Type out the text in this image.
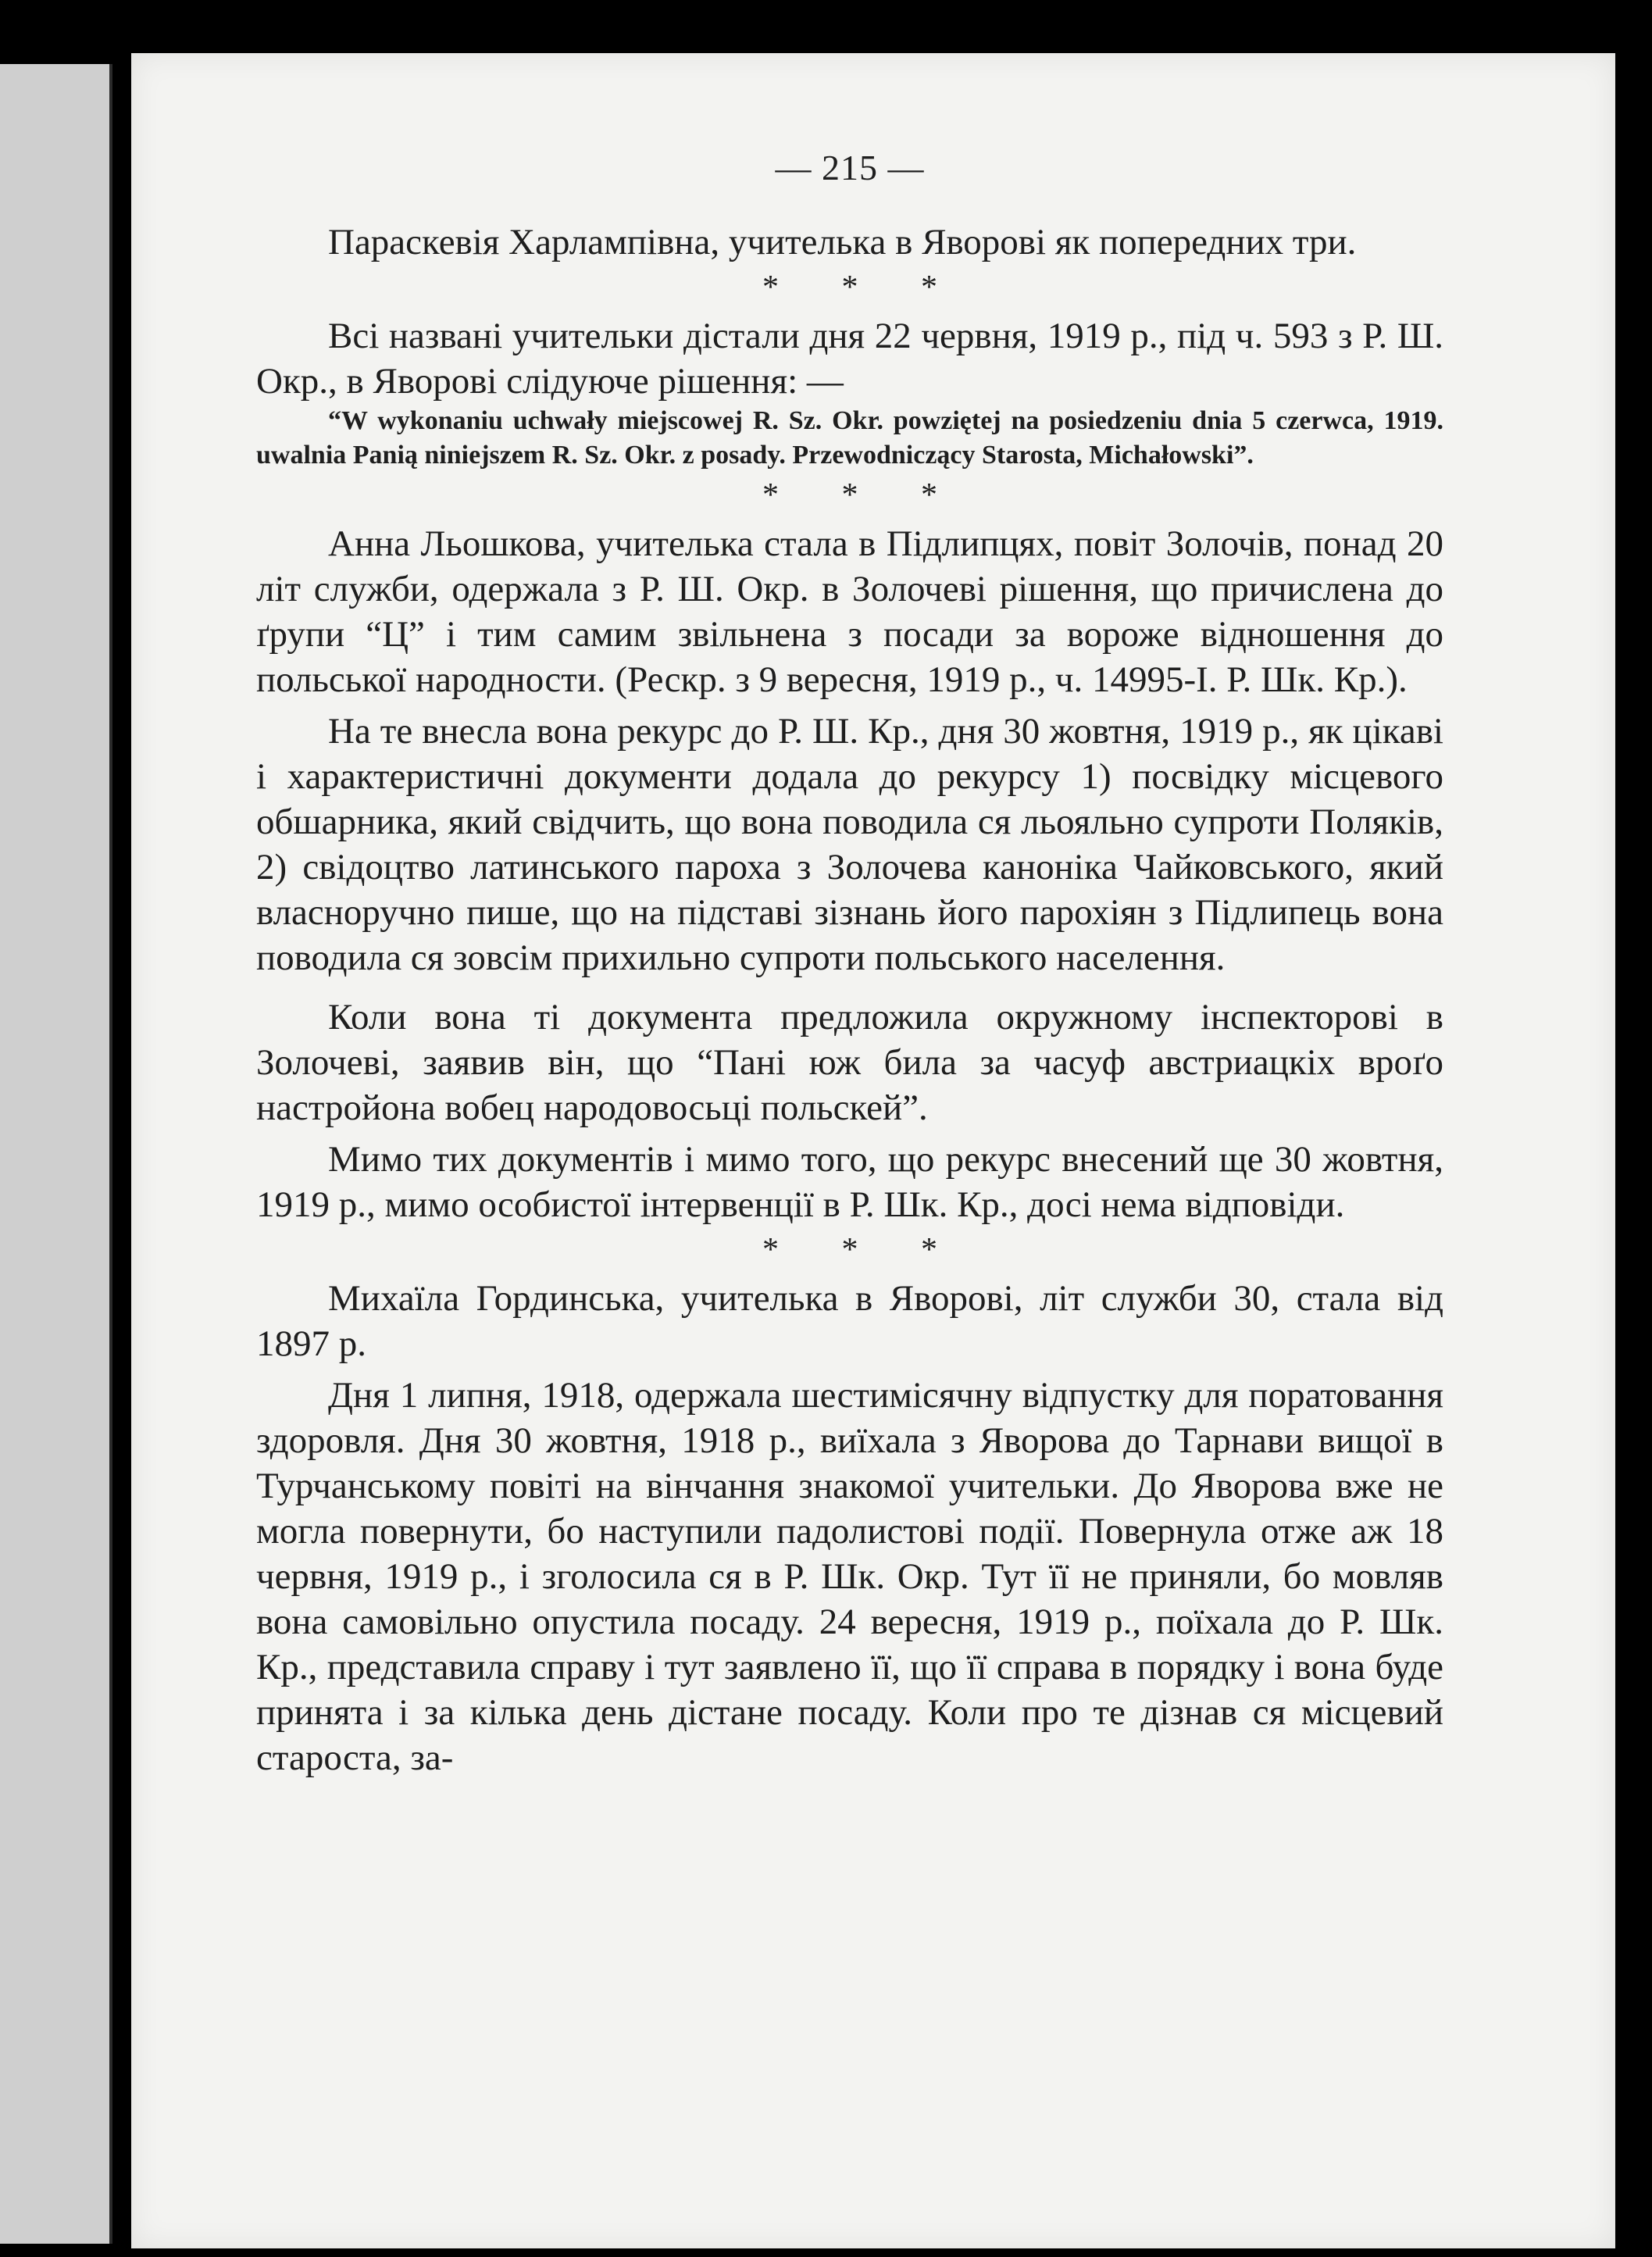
— 215 —

Параскевія Харлампівна, учителька в Яворові як попередних три.

* * *

Всі названі учительки дістали дня 22 червня, 1919 р., під ч. 593 з Р. Ш. Окр., в Яворові слідуюче рішення: —

“W wykonaniu uchwały miejscowej R. Sz. Okr. powziętej na posiedzeniu dnia 5 czerwca, 1919. uwalnia Panią niniejszem R. Sz. Okr. z posady. Przewodniczący Starosta, Michałowski”.

* * *

Анна Льошкова, учителька стала в Підлипцях, повіт Золочів, понад 20 літ служби, одержала з Р. Ш. Окр. в Золочеві рішення, що причислена до ґрупи “Ц” і тим самим звільнена з посади за вороже відношення до польської народности. (Рескр. з 9 вересня, 1919 р., ч. 14995-І. Р. Шк. Кр.).

На те внесла вона рекурс до Р. Ш. Кр., дня 30 жовтня, 1919 р., як цікаві і характеристичні документи додала до рекурсу 1) посвідку місцевого обшарника, який свідчить, що вона поводила ся льояльно супроти Поляків, 2) свідоцтво латинського пароха з Золочева каноніка Чайковського, який власноручно пише, що на підставі зізнань його парохіян з Підлипець вона поводила ся зовсім прихильно супроти польського населення.

Коли вона ті документа предложила окружному інспекторові в Золочеві, заявив він, що “Пані юж била за часуф австриацкіх вроґо настройона вобец народовосьці польскей”.

Мимо тих документів і мимо того, що рекурс внесений ще 30 жовтня, 1919 р., мимо особистої інтервенції в Р. Шк. Кр., досі нема відповіди.

* * *

Михаїла Гординська, учителька в Яворові, літ служби 30, стала від 1897 р.

Дня 1 липня, 1918, одержала шестимісячну відпустку для поратовання здоровля. Дня 30 жовтня, 1918 р., виїхала з Яворова до Тарнави вищої в Турчанському повіті на вінчання знакомої учительки. До Яворова вже не могла повернути, бо наступили падолистові події. Повернула отже аж 18 червня, 1919 р., і зголосила ся в Р. Шк. Окр. Тут її не приняли, бо мовляв вона самовільно опустила посаду. 24 вересня, 1919 р., поїхала до Р. Шк. Кр., представила справу і тут заявлено її, що її справа в порядку і вона буде принята і за кілька день дістане посаду. Коли про те дізнав ся місцевий староста, за-
